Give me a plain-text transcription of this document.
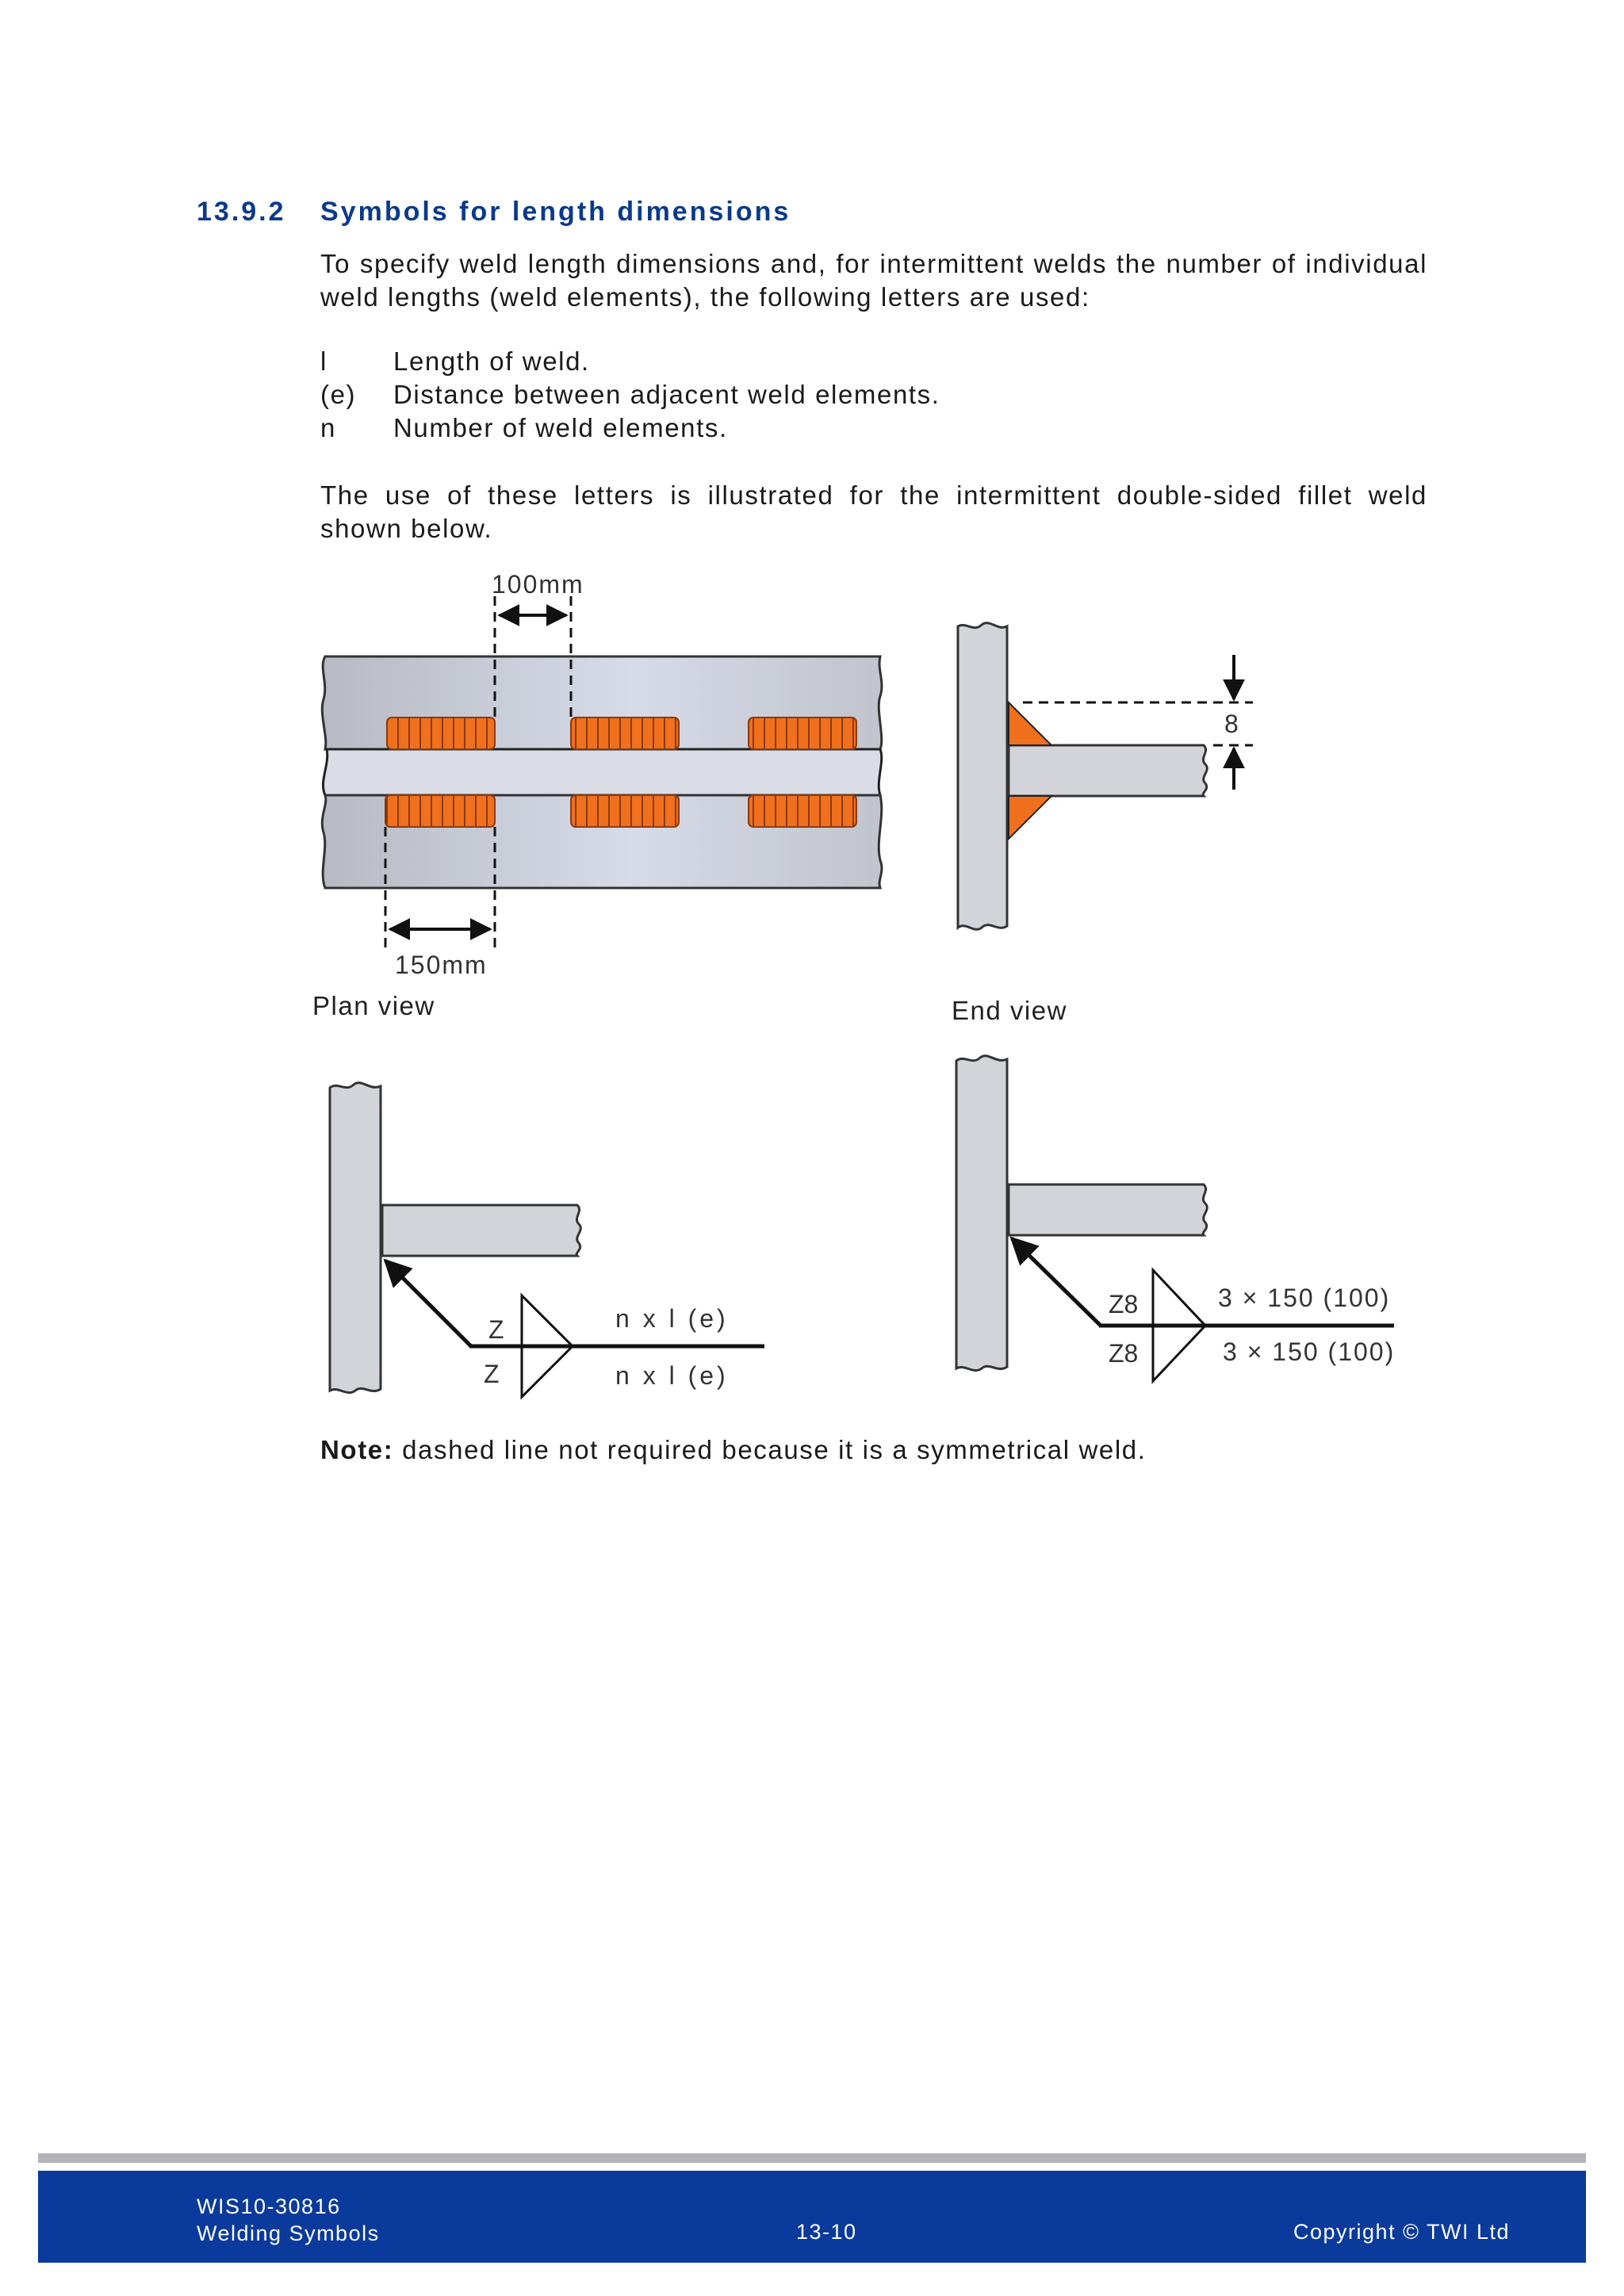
13.9.2 Symbols for length dimensions
To specify weld length dimensions and, for intermittent welds the number of individual weld lengths (weld elements), the following letters are used:
l	Length of weld.
(e)	Distance between adjacent weld elements.
n	Number of weld elements.
The use of these letters is illustrated for the intermittent double-sided fillet weld shown below.
100mm
150mm
Plan view
8
End view
Z
Z
n x l (e)
n x l (e)
Z8
Z8
3 × 150 (100)
3 × 150 (100)
Note: dashed line not required because it is a symmetrical weld.
WIS10-30816
Welding Symbols	13-10	Copyright © TWI Ltd
